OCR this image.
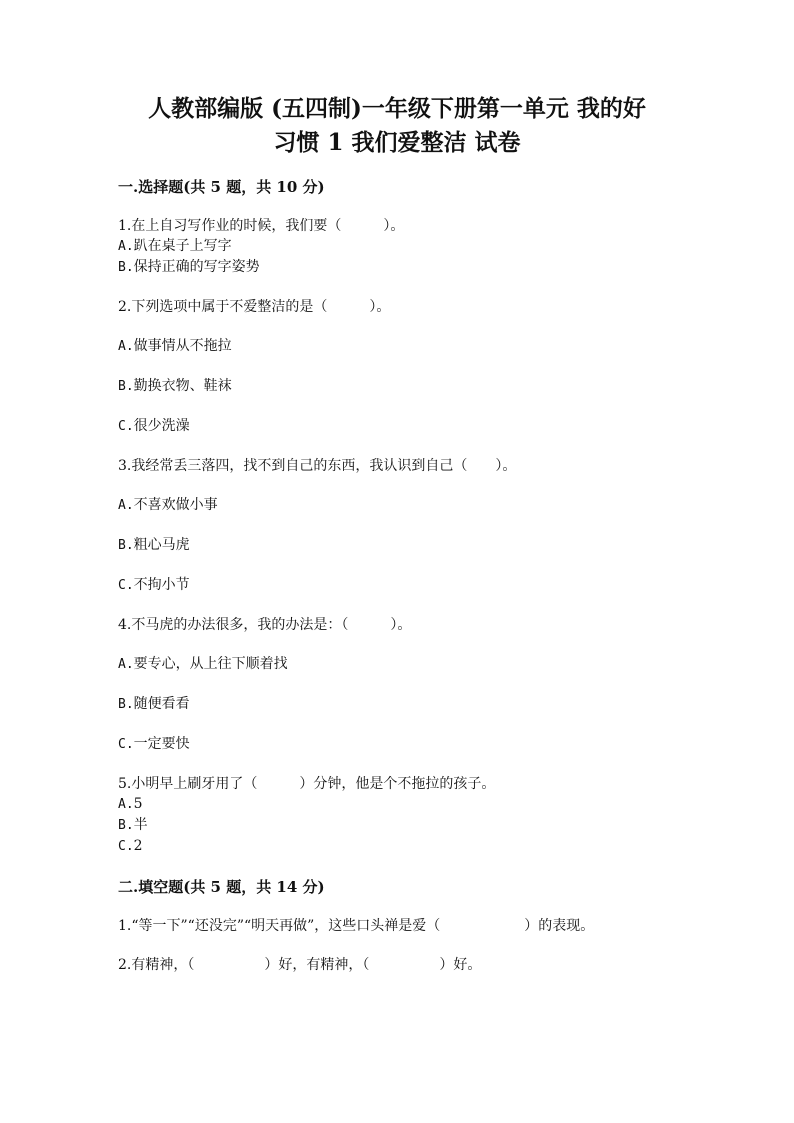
人教部编版 (五四制)一年级下册第一单元 我的好
习惯 1 我们爱整洁 试卷
一.选择题(共 5 题，共 10 分)
1.在上自习写作业的时候，我们要（　　　）。
A.趴在桌子上写字
B.保持正确的写字姿势
2.下列选项中属于不爱整洁的是（　　　）。
A.做事情从不拖拉
B.勤换衣物、鞋袜
C.很少洗澡
3.我经常丢三落四，找不到自己的东西，我认识到自己（　　）。
A.不喜欢做小事
B.粗心马虎
C.不拘小节
4.不马虎的办法很多，我的办法是：（　　　）。
A.要专心，从上往下顺着找
B.随便看看
C.一定要快
5.小明早上刷牙用了（　　　）分钟，他是个不拖拉的孩子。
A.5
B.半
C.2
二.填空题(共 5 题，共 14 分)
1.“等一下”“还没完”“明天再做”，这些口头禅是爱（　　　　　　）的表现。
2.有精神，（　　　　　）好，有精神，（　　　　　）好。
